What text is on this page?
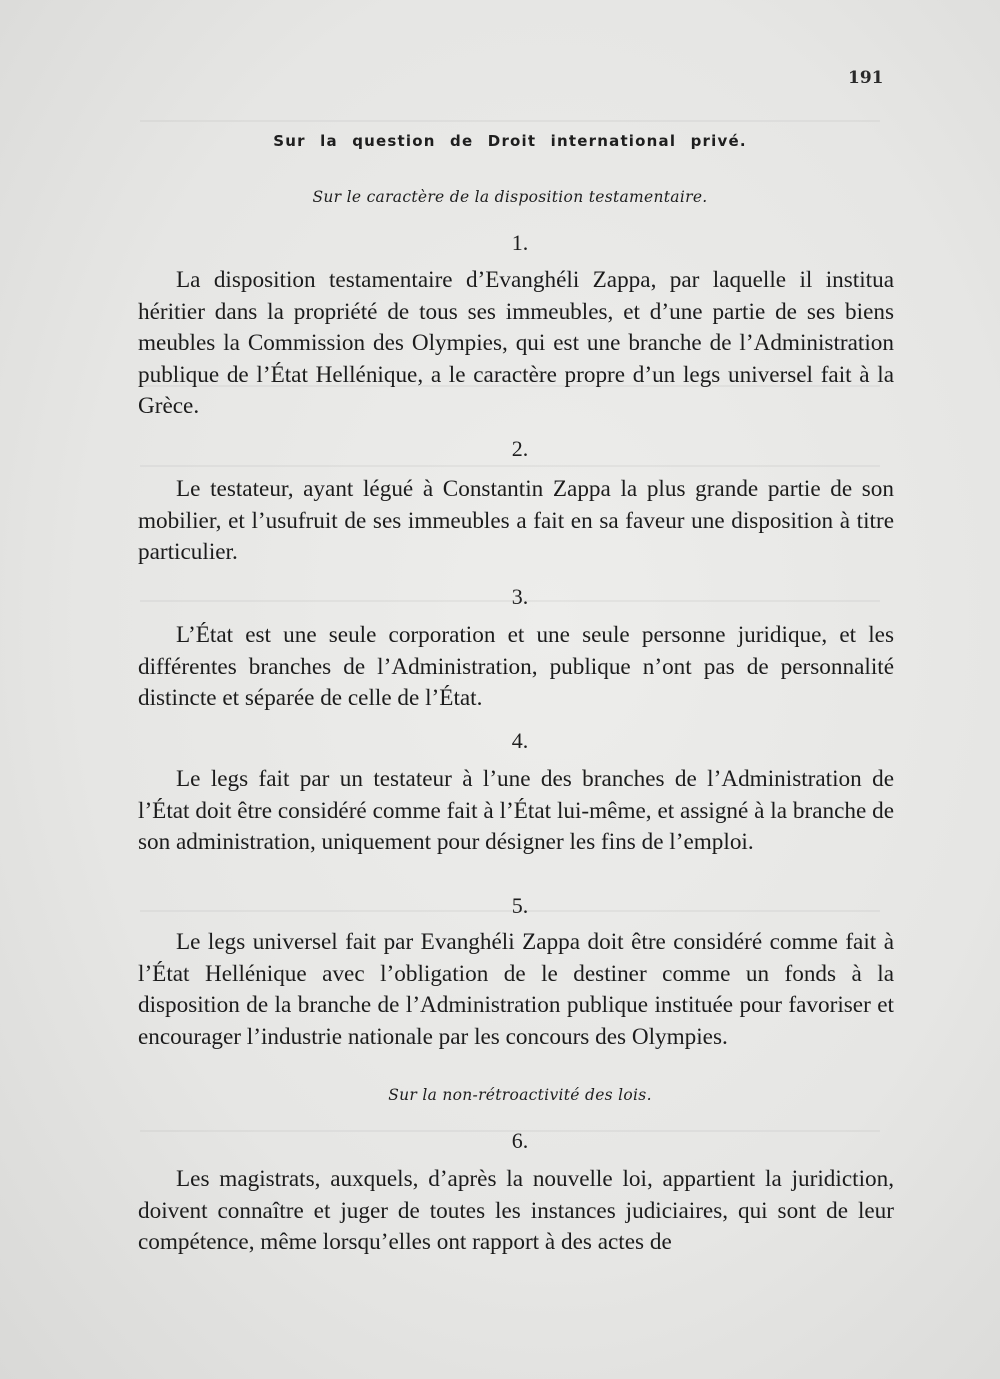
191
Sur la question de Droit international privé.
Sur le caractère de la disposition testamentaire.
1.
La disposition testamentaire d’Evanghéli Zappa, par laquelle il institua héritier dans la propriété de tous ses immeubles, et d’une partie de ses biens meubles la Commission des Olympies, qui est une branche de l’Administration publique de l’État Hellénique, a le caractère propre d’un legs universel fait à la Grèce.
2.
Le testateur, ayant légué à Constantin Zappa la plus grande partie de son mobilier, et l’usufruit de ses immeubles a fait en sa faveur une disposition à titre particulier.
3.
L’État est une seule corporation et une seule personne juridique, et les différentes branches de l’Administration, publique n’ont pas de personnalité distincte et séparée de celle de l’État.
4.
Le legs fait par un testateur à l’une des branches de l’Administration de l’État doit être considéré comme fait à l’État lui-même, et assigné à la branche de son administration, uniquement pour désigner les fins de l’emploi.
5.
Le legs universel fait par Evanghéli Zappa doit être considéré comme fait à l’État Hellénique avec l’obligation de le destiner comme un fonds à la disposition de la branche de l’Administration publique instituée pour favoriser et encourager l’industrie nationale par les concours des Olympies.
Sur la non-rétroactivité des lois.
6.
Les magistrats, auxquels, d’après la nouvelle loi, appartient la juridiction, doivent connaître et juger de toutes les instances judiciaires, qui sont de leur compétence, même lorsqu’elles ont rapport à des actes de
